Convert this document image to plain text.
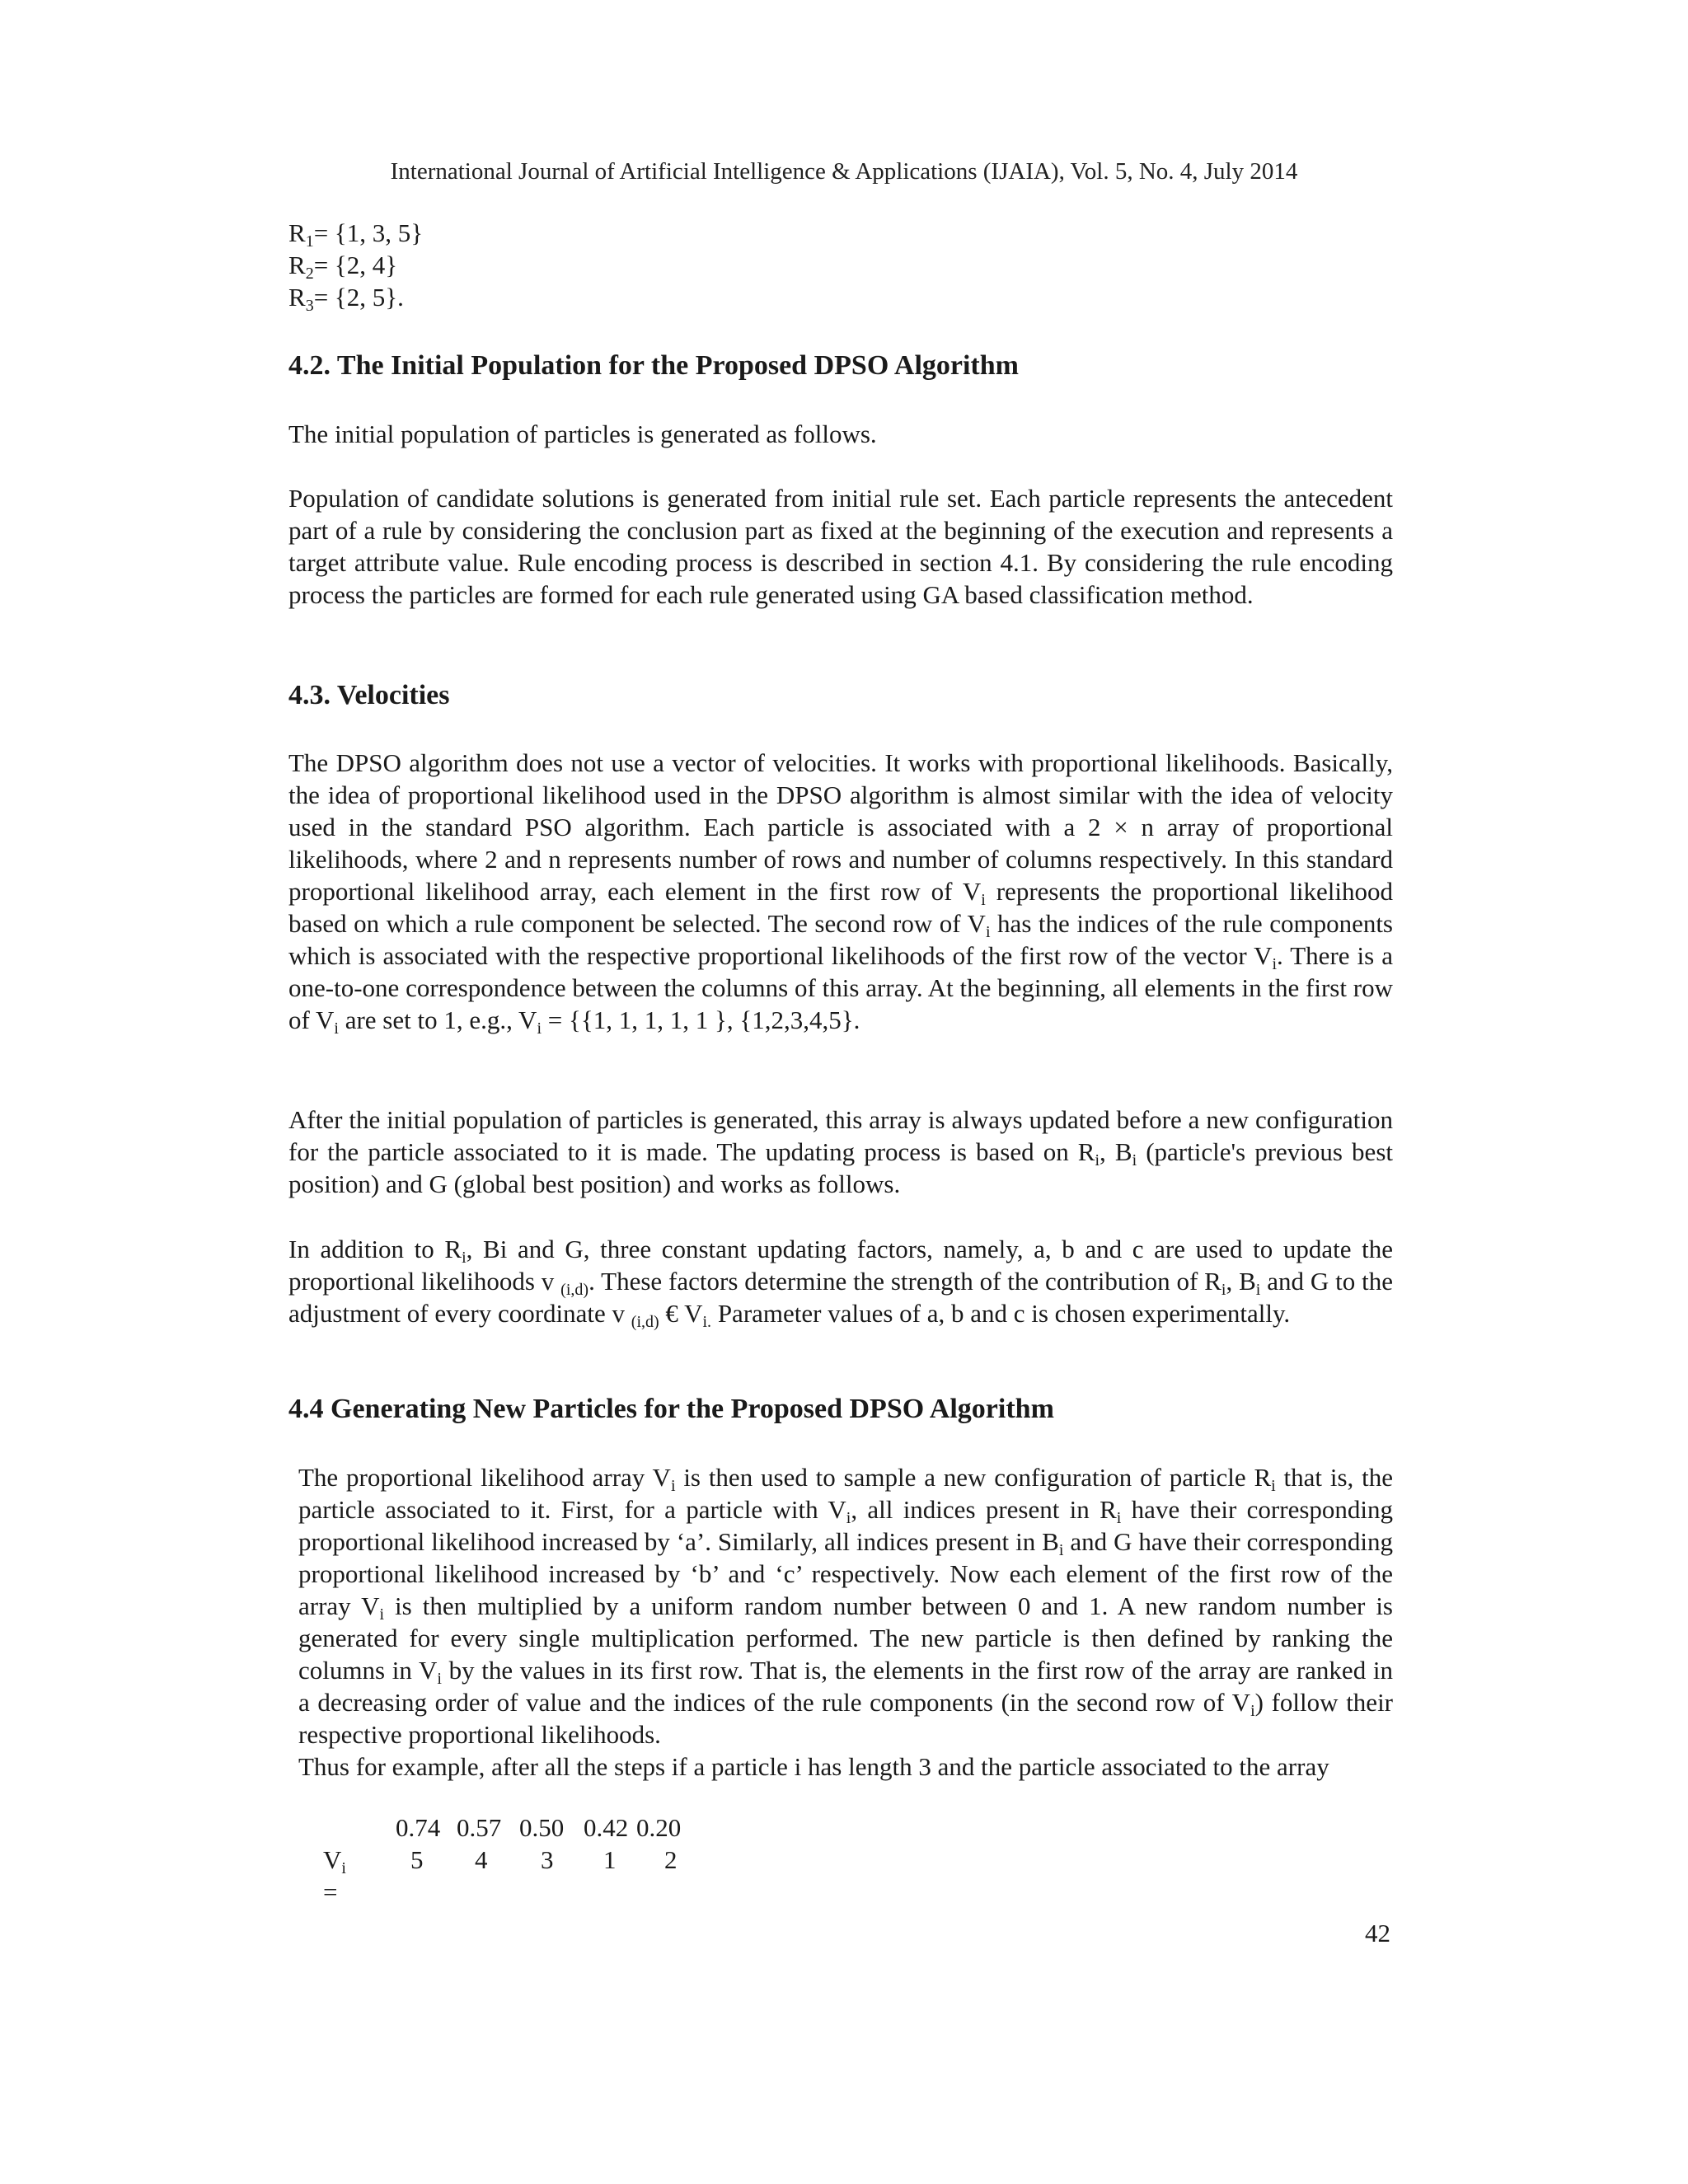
International Journal of Artificial Intelligence & Applications (IJAIA), Vol. 5, No. 4, July 2014
$R_1= \{1$, 3, 5}
$R_2= \{2$, 4}
$R_3= \{2$, 5}.
4.2. The Initial Population for the Proposed DPSO Algorithm
The initial population of particles is generated as follows.
Population of candidate solutions is generated from initial rule set. Each particle represents the antecedent part of a rule by considering the conclusion part as fixed at the beginning of the execution and represents a target attribute value. Rule encoding process is described in section 4.1. By considering the rule encoding process the particles are formed for each rule generated using GA based classification method.
4.3. Velocities
The DPSO algorithm does not use a vector of velocities. It works with proportional likelihoods. Basically, the idea of proportional likelihood used in the DPSO algorithm is almost similar with the idea of velocity used in the standard PSO algorithm. Each particle is associated with a 2 × n array of proportional likelihoods, where 2 and n represents number of rows and number of columns respectively. In this standard proportional likelihood array, each element in the first row of $V_i$ represents the proportional likelihood based on which a rule component be selected. The second row of $V_i$ has the indices of the rule components which is associated with the respective proportional likelihoods of the first row of the vector $V_i$. There is a one-to-one correspondence between the columns of this array. At the beginning, all elements in the first row of $V_i$ are set to 1, e.g., $V_i = \{\{1$, 1, 1, 1, 1 }, {1,2,3,4,5}.
After the initial population of particles is generated, this array is always updated before a new configuration for the particle associated to it is made. The updating process is based on $R_i$, $B_i$ (particle's previous best position) and G (global best position) and works as follows.
In addition to $R_i$, Bi and G, three constant updating factors, namely, a, b and c are used to update the proportional likelihoods v $_{(i,d)}$. These factors determine the strength of the contribution of $R_i$, $B_i$ and G to the adjustment of every coordinate v $_{(i,d)}$ € $V_{i.}$ Parameter values of a, b and c is chosen experimentally.
4.4 Generating New Particles for the Proposed DPSO Algorithm
The proportional likelihood array $V_i$ is then used to sample a new configuration of particle $R_i$ that is, the particle associated to it. First, for a particle with $V_i$, all indices present in $R_i$ have their corresponding proportional likelihood increased by ‘a’. Similarly, all indices present in $B_i$ and G have their corresponding proportional likelihood increased by ‘b’ and ‘c’ respectively. Now each element of the first row of the array $V_i$ is then multiplied by a uniform random number between 0 and 1. A new random number is generated for every single multiplication performed. The new particle is then defined by ranking the columns in $V_i$ by the values in its first row. That is, the elements in the first row of the array are ranked in a decreasing order of value and the indices of the rule components (in the second row of $V_i$) follow their respective proportional likelihoods.
Thus for example, after all the steps if a particle i has length 3 and the particle associated to the array
0.74 0.57 0.50 0.42 0.20
$V_i$ =
5 4 3 1 2
42
